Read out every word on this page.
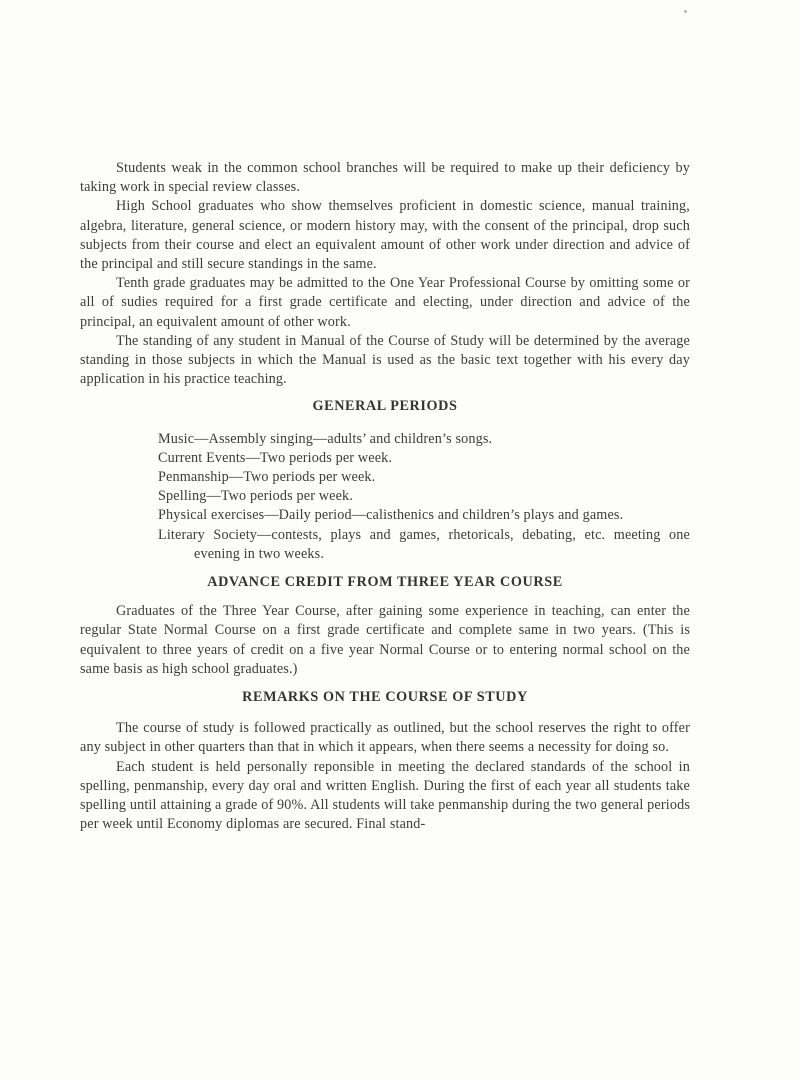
Students weak in the common school branches will be required to make up their deficiency by taking work in special review classes.

High School graduates who show themselves proficient in domestic science, manual training, algebra, literature, general science, or modern history may, with the consent of the principal, drop such subjects from their course and elect an equivalent amount of other work under direction and advice of the principal and still secure standings in the same.

Tenth grade graduates may be admitted to the One Year Professional Course by omitting some or all of sudies required for a first grade certificate and electing, under direction and advice of the principal, an equivalent amount of other work.

The standing of any student in Manual of the Course of Study will be determined by the average standing in those subjects in which the Manual is used as the basic text together with his every day application in his practice teaching.

GENERAL PERIODS
Music—Assembly singing—adults’ and children’s songs.
Current Events—Two periods per week.
Penmanship—Two periods per week.
Spelling—Two periods per week.
Physical exercises—Daily period—calisthenics and children’s plays and games.
Literary Society—contests, plays and games, rhetoricals, debating, etc. meeting one evening in two weeks.
ADVANCE CREDIT FROM THREE YEAR COURSE

Graduates of the Three Year Course, after gaining some experience in teaching, can enter the regular State Normal Course on a first grade certificate and complete same in two years. (This is equivalent to three years of credit on a five year Normal Course or to entering normal school on the same basis as high school graduates.)

REMARKS ON THE COURSE OF STUDY

The course of study is followed practically as outlined, but the school reserves the right to offer any subject in other quarters than that in which it appears, when there seems a necessity for doing so.

Each student is held personally reponsible in meeting the declared standards of the school in spelling, penmanship, every day oral and written English. During the first of each year all students take spelling until attaining a grade of 90%. All students will take penmanship during the two general periods per week until Economy diplomas are secured. Final stand-
